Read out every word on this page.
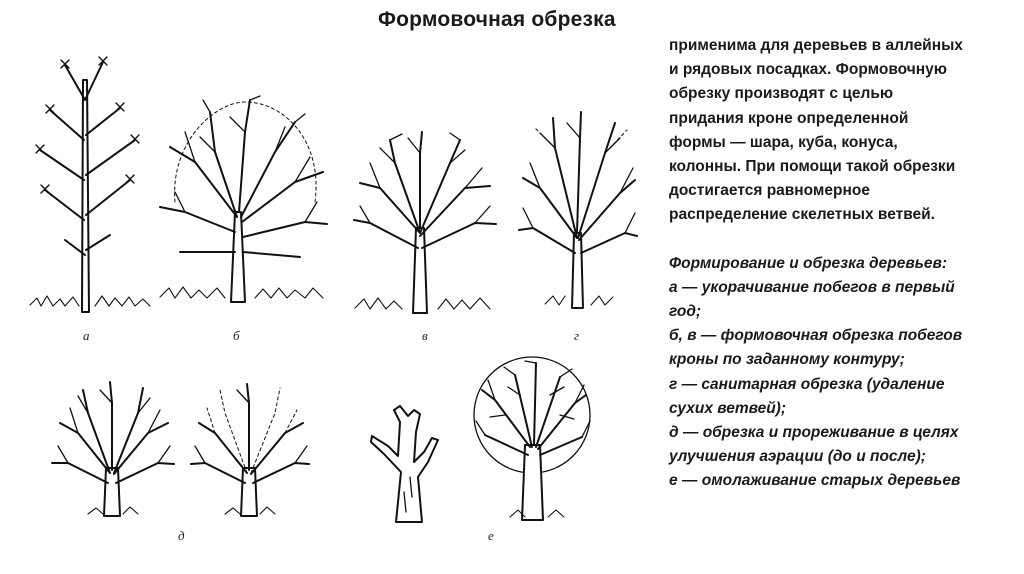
Формовочная обрезка
а	б	в	г
д	е

применима для деревьев в аллейных
и рядовых посадках. Формовочную
обрезку производят с целью
придания кроне определенной
формы — шара, куба, конуса,
колонны. При помощи такой обрезки
достигается равномерное
распределение скелетных ветвей.

Формирование и обрезка деревьев:
а — укорачивание побегов в первый
год;
б, в — формовочная обрезка побегов
кроны по заданному контуру;
г — санитарная обрезка (удаление
сухих ветвей);
д — обрезка и прореживание в целях
улучшения аэрации (до и после);
е — омолаживание старых деревьев
